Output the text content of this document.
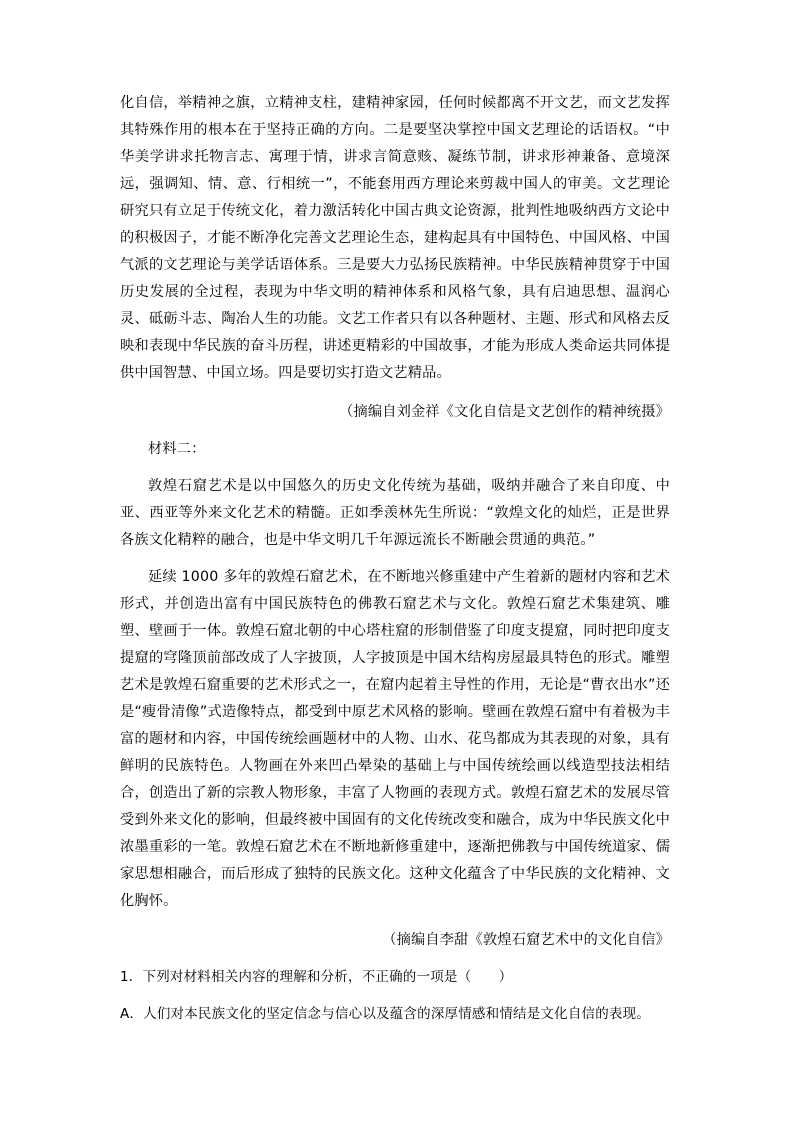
化自信，举精神之旗，立精神支柱，建精神家园，任何时候都离不开文艺，而文艺发挥其特殊作用的根本在于坚持正确的方向。二是要坚决掌控中国文艺理论的话语权。“中华美学讲求托物言志、寓理于情，讲求言简意赅、凝练节制，讲求形神兼备、意境深远，强调知、情、意、行相统一”，不能套用西方理论来剪裁中国人的审美。文艺理论研究只有立足于传统文化，着力激活转化中国古典文论资源，批判性地吸纳西方文论中的积极因子，才能不断净化完善文艺理论生态，建构起具有中国特色、中国风格、中国气派的文艺理论与美学话语体系。三是要大力弘扬民族精神。中华民族精神贯穿于中国历史发展的全过程，表现为中华文明的精神体系和风格气象，具有启迪思想、温润心灵、砥砺斗志、陶冶人生的功能。文艺工作者只有以各种题材、主题、形式和风格去反映和表现中华民族的奋斗历程，讲述更精彩的中国故事，才能为形成人类命运共同体提供中国智慧、中国立场。四是要切实打造文艺精品。

（摘编自刘金祥《文化自信是文艺创作的精神统摄》

材料二：

敦煌石窟艺术是以中国悠久的历史文化传统为基础，吸纳并融合了来自印度、中亚、西亚等外来文化艺术的精髓。正如季羡林先生所说：“敦煌文化的灿烂，正是世界各族文化精粹的融合，也是中华文明几千年源远流长不断融会贯通的典范。”

延续 1000 多年的敦煌石窟艺术，在不断地兴修重建中产生着新的题材内容和艺术形式，并创造出富有中国民族特色的佛教石窟艺术与文化。敦煌石窟艺术集建筑、雕塑、壁画于一体。敦煌石窟北朝的中心塔柱窟的形制借鉴了印度支提窟，同时把印度支提窟的穹隆顶前部改成了人字披顶，人字披顶是中国木结构房屋最具特色的形式。雕塑艺术是敦煌石窟重要的艺术形式之一，在窟内起着主导性的作用，无论是“曹衣出水”还是“瘦骨清像”式造像特点，都受到中原艺术风格的影响。壁画在敦煌石窟中有着极为丰富的题材和内容，中国传统绘画题材中的人物、山水、花鸟都成为其表现的对象，具有鲜明的民族特色。人物画在外来凹凸晕染的基础上与中国传统绘画以线造型技法相结合，创造出了新的宗教人物形象，丰富了人物画的表现方式。敦煌石窟艺术的发展尽管受到外来文化的影响，但最终被中国固有的文化传统改变和融合，成为中华民族文化中浓墨重彩的一笔。敦煌石窟艺术在不断地新修重建中，逐渐把佛教与中国传统道家、儒家思想相融合，而后形成了独特的民族文化。这种文化蕴含了中华民族的文化精神、文化胸怀。

（摘编自李甜《敦煌石窟艺术中的文化自信》

1．下列对材料相关内容的理解和分析，不正确的一项是（　　）

A．人们对本民族文化的坚定信念与信心以及蕴含的深厚情感和情结是文化自信的表现。
